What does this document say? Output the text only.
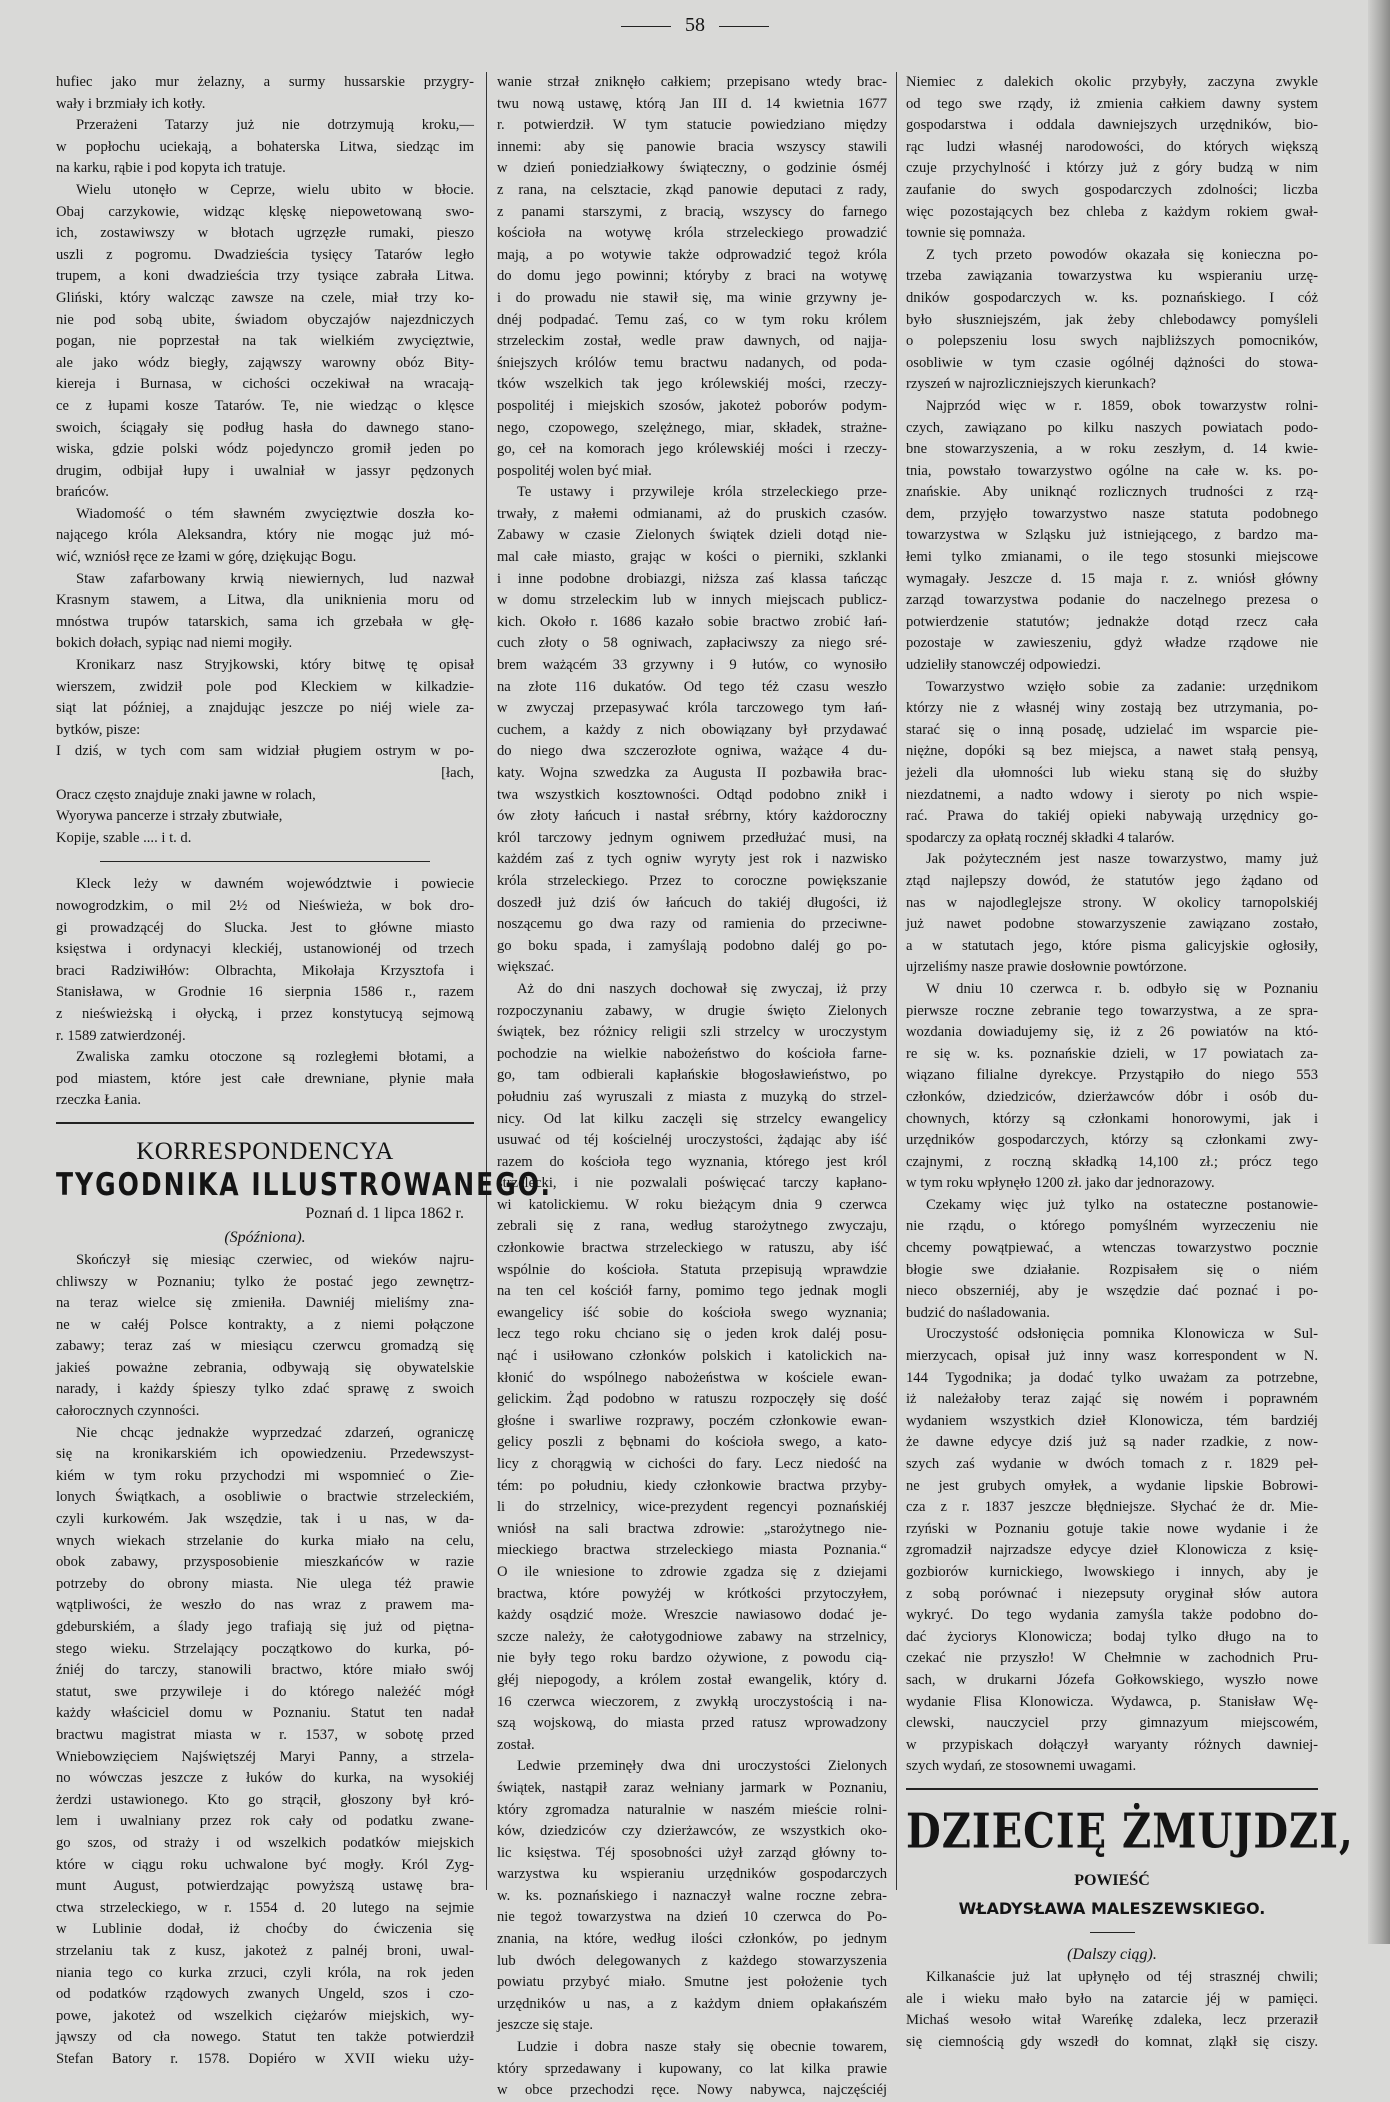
58
hufiec jako mur żelazny, a surmy hussarskie przygry-
wały i brzmiały ich kotły.
Przerażeni Tatarzy już nie dotrzymują kroku,—
w popłochu uciekają, a bohaterska Litwa, siedząc im
na karku, rąbie i pod kopyta ich tratuje.
Wielu utonęło w Ceprze, wielu ubito w błocie.
Obaj carzykowie, widząc klęskę niepowetowaną swo-
ich, zostawiwszy w błotach ugrzęzłe rumaki, pieszo
uszli z pogromu. Dwadzieścia tysięcy Tatarów legło
trupem, a koni dwadzieścia trzy tysiące zabrała Litwa.
Gliński, który walcząc zawsze na czele, miał trzy ko-
nie pod sobą ubite, świadom obyczajów najezdniczych
pogan, nie poprzestał na tak wielkiém zwycięztwie,
ale jako wódz biegły, zająwszy warowny obóz Bity-
kiereja i Burnasa, w cichości oczekiwał na wracają-
ce z łupami kosze Tatarów. Te, nie wiedząc o klęsce
swoich, ściągały się podług hasła do dawnego stano-
wiska, gdzie polski wódz pojedynczo gromił jeden po
drugim, odbijał łupy i uwalniał w jassyr pędzonych
brańców.
Wiadomość o tém sławném zwycięztwie doszła ko-
nającego króla Aleksandra, który nie mogąc już mó-
wić, wzniósł ręce ze łzami w górę, dziękując Bogu.
Staw zafarbowany krwią niewiernych, lud nazwał
Krasnym stawem, a Litwa, dla uniknienia moru od
mnóstwa trupów tatarskich, sama ich grzebała w głę-
bokich dołach, sypiąc nad niemi mogiły.
Kronikarz nasz Stryjkowski, który bitwę tę opisał
wierszem, zwidził pole pod Kleckiem w kilkadzie-
siąt lat później, a znajdując jeszcze po niéj wiele za-
bytków, pisze:
I dziś, w tych com sam widział pługiem ostrym w po-
[łach,
Oracz często znajduje znaki jawne w rolach,
Wyorywa pancerze i strzały zbutwiałe,
Kopije, szable .... i t. d.
Kleck leży w dawném województwie i powiecie
nowogrodzkim, o mil 2½ od Nieświeża, w bok dro-
gi prowadzącéj do Slucka. Jest to główne miasto
księstwa i ordynacyi kleckiéj, ustanowionéj od trzech
braci Radziwiłłów: Olbrachta, Mikołaja Krzysztofa i
Stanisława, w Grodnie 16 sierpnia 1586 r., razem
z nieświeżską i ołycką, i przez konstytucyą sejmową
r. 1589 zatwierdzonéj.
Zwaliska zamku otoczone są rozległemi błotami, a
pod miastem, które jest całe drewniane, płynie mała
rzeczka Łania.
KORRESPONDENCYA
TYGODNIKA ILLUSTROWANEGO.
Poznań d. 1 lipca 1862 r.
(Spóźniona).
Skończył się miesiąc czerwiec, od wieków najru-
chliwszy w Poznaniu; tylko że postać jego zewnętrz-
na teraz wielce się zmieniła. Dawniéj mieliśmy zna-
ne w całéj Polsce kontrakty, a z niemi połączone
zabawy; teraz zaś w miesiącu czerwcu gromadzą się
jakieś poważne zebrania, odbywają się obywatelskie
narady, i każdy śpieszy tylko zdać sprawę z swoich
całorocznych czynności.
Nie chcąc jednakże wyprzedzać zdarzeń, ograniczę
się na kronikarskiém ich opowiedzeniu. Przedewszyst-
kiém w tym roku przychodzi mi wspomnieć o Zie-
lonych Świątkach, a osobliwie o bractwie strzeleckiém,
czyli kurkowém. Jak wszędzie, tak i u nas, w da-
wnych wiekach strzelanie do kurka miało na celu,
obok zabawy, przysposobienie mieszkańców w razie
potrzeby do obrony miasta. Nie ulega téż prawie
wątpliwości, że weszło do nas wraz z prawem ma-
gdeburskiém, a ślady jego trafiają się już od piętna-
stego wieku. Strzelający początkowo do kurka, pó-
źniéj do tarczy, stanowili bractwo, które miało swój
statut, swe przywileje i do którego należéć mógł
każdy właściciel domu w Poznaniu. Statut ten nadał
bractwu magistrat miasta w r. 1537, w sobotę przed
Wniebowzięciem Najświętszéj Maryi Panny, a strzela-
no wówczas jeszcze z łuków do kurka, na wysokiéj
żerdzi ustawionego. Kto go strącił, głoszony był kró-
lem i uwalniany przez rok cały od podatku zwane-
go szos, od straży i od wszelkich podatków miejskich
które w ciągu roku uchwalone być mogły. Król Zyg-
munt August, potwierdzając powyższą ustawę bra-
ctwa strzeleckiego, w r. 1554 d. 20 lutego na sejmie
w Lublinie dodał, iż choćby do ćwiczenia się
strzelaniu tak z kusz, jakoteż z palnéj broni, uwal-
niania tego co kurka zrzuci, czyli króla, na rok jeden
od podatków rządowych zwanych Ungeld, szos i czo-
powe, jakoteż od wszelkich ciężarów miejskich, wy-
jąwszy od cła nowego. Statut ten także potwierdził
Stefan Batory r. 1578. Dopiéro w XVII wieku uży-
wanie strzał zniknęło całkiem; przepisano wtedy brac-
twu nową ustawę, którą Jan III d. 14 kwietnia 1677
r. potwierdził. W tym statucie powiedziano między
innemi: aby się panowie bracia wszyscy stawili
w dzień poniedziałkowy świąteczny, o godzinie ósméj
z rana, na celsztacie, zkąd panowie deputaci z rady,
z panami starszymi, z bracią, wszyscy do farnego
kościoła na wotywę króla strzeleckiego prowadzić
mają, a po wotywie także odprowadzić tegoż króla
do domu jego powinni; któryby z braci na wotywę
i do prowadu nie stawił się, ma winie grzywny je-
dnéj podpadać. Temu zaś, co w tym roku królem
strzeleckim został, wedle praw dawnych, od najja-
śniejszych królów temu bractwu nadanych, od poda-
tków wszelkich tak jego królewskiéj mości, rzeczy-
pospolitéj i miejskich szosów, jakoteż poborów podym-
nego, czopowego, szelężnego, miar, składek, strażne-
go, ceł na komorach jego królewskiéj mości i rzeczy-
pospolitéj wolen być miał.
Te ustawy i przywileje króla strzeleckiego prze-
trwały, z małemi odmianami, aż do pruskich czasów.
Zabawy w czasie Zielonych świątek dzieli dotąd nie-
mal całe miasto, grając w kości o pierniki, szklanki
i inne podobne drobiazgi, niższa zaś klassa tańcząc
w domu strzeleckim lub w innych miejscach publicz-
kich. Około r. 1686 kazało sobie bractwo zrobić łań-
cuch złoty o 58 ogniwach, zapłaciwszy za niego sré-
brem ważącém 33 grzywny i 9 łutów, co wynosiło
na złote 116 dukatów. Od tego téż czasu weszło
w zwyczaj przepasywać króla tarczowego tym łań-
cuchem, a każdy z nich obowiązany był przydawać
do niego dwa szczerozłote ogniwa, ważące 4 du-
katy. Wojna szwedzka za Augusta II pozbawiła brac-
twa wszystkich kosztowności. Odtąd podobno znikł i
ów złoty łańcuch i nastał srébrny, który każdoroczny
król tarczowy jednym ogniwem przedłużać musi, na
każdém zaś z tych ogniw wyryty jest rok i nazwisko
króla strzeleckiego. Przez to coroczne powiększanie
doszedł już dziś ów łańcuch do takiéj długości, iż
noszącemu go dwa razy od ramienia do przeciwne-
go boku spada, i zamyślają podobno daléj go po-
większać.
Aż do dni naszych dochował się zwyczaj, iż przy
rozpoczynaniu zabawy, w drugie święto Zielonych
świątek, bez różnicy religii szli strzelcy w uroczystym
pochodzie na wielkie nabożeństwo do kościoła farne-
go, tam odbierali kapłańskie błogosławieństwo, po
południu zaś wyruszali z miasta z muzyką do strzel-
nicy. Od lat kilku zaczęli się strzelcy ewangelicy
usuwać od téj kościelnéj uroczystości, żądając aby iść
razem do kościoła tego wyznania, którego jest król
strzelecki, i nie pozwalali poświęcać tarczy kapłano-
wi katolickiemu. W roku bieżącym dnia 9 czerwca
zebrali się z rana, według starożytnego zwyczaju,
członkowie bractwa strzeleckiego w ratuszu, aby iść
wspólnie do kościoła. Statuta przepisują wprawdzie
na ten cel kościół farny, pomimo tego jednak mogli
ewangelicy iść sobie do kościoła swego wyznania;
lecz tego roku chciano się o jeden krok daléj posu-
nąć i usiłowano członków polskich i katolickich na-
kłonić do wspólnego nabożeństwa w kościele ewan-
gelickim. Żąd podobno w ratuszu rozpoczęły się dość
głośne i swarliwe rozprawy, poczém członkowie ewan-
gelicy poszli z bębnami do kościoła swego, a kato-
licy z chorągwią w cichości do fary. Lecz niedość na
tém: po południu, kiedy członkowie bractwa przyby-
li do strzelnicy, wice-prezydent regencyi poznańskiéj
wniósł na sali bractwa zdrowie: „starożytnego nie-
mieckiego bractwa strzeleckiego miasta Poznania.“
O ile wniesione to zdrowie zgadza się z dziejami
bractwa, które powyżéj w krótkości przytoczyłem,
każdy osądzić może. Wreszcie nawiasowo dodać je-
szcze należy, że całotygodniowe zabawy na strzelnicy,
nie były tego roku bardzo ożywione, z powodu cią-
głéj niepogody, a królem został ewangelik, który d.
16 czerwca wieczorem, z zwykłą uroczystością i na-
szą wojskową, do miasta przed ratusz wprowadzony
został.
Ledwie przeminęły dwa dni uroczystości Zielonych
świątek, nastąpił zaraz wełniany jarmark w Poznaniu,
który zgromadza naturalnie w naszém mieście rolni-
ków, dziedziców czy dzierżawców, ze wszystkich oko-
lic księstwa. Téj sposobności użył zarząd główny to-
warzystwa ku wspieraniu urzędników gospodarczych
w. ks. poznańskiego i naznaczył walne roczne zebra-
nie tegoż towarzystwa na dzień 10 czerwca do Po-
znania, na które, według ilości członków, po jednym
lub dwóch delegowanych z każdego stowarzyszenia
powiatu przybyć miało. Smutne jest położenie tych
urzędników u nas, a z każdym dniem opłakańszém
jeszcze się staje.
Ludzie i dobra nasze stały się obecnie towarem,
który sprzedawany i kupowany, co lat kilka prawie
w obce przechodzi ręce. Nowy nabywca, najczęściéj
Niemiec z dalekich okolic przybyły, zaczyna zwykle
od tego swe rządy, iż zmienia całkiem dawny system
gospodarstwa i oddala dawniejszych urzędników, bio-
rąc ludzi własnéj narodowości, do których większą
czuje przychylność i którzy już z góry budzą w nim
zaufanie do swych gospodarczych zdolności; liczba
więc pozostających bez chleba z każdym rokiem gwał-
townie się pomnaża.
Z tych przeto powodów okazała się konieczna po-
trzeba zawiązania towarzystwa ku wspieraniu urzę-
dników gospodarczych w. ks. poznańskiego. I cóż
było słuszniejszém, jak żeby chlebodawcy pomyśleli
o polepszeniu losu swych najbliższych pomocników,
osobliwie w tym czasie ogólnéj dążności do stowa-
rzyszeń w najrozliczniejszych kierunkach?
Najprzód więc w r. 1859, obok towarzystw rolni-
czych, zawiązano po kilku naszych powiatach podo-
bne stowarzyszenia, a w roku zeszłym, d. 14 kwie-
tnia, powstało towarzystwo ogólne na całe w. ks. po-
znańskie. Aby uniknąć rozlicznych trudności z rzą-
dem, przyjęło towarzystwo nasze statuta podobnego
towarzystwa w Szląsku już istniejącego, z bardzo ma-
łemi tylko zmianami, o ile tego stosunki miejscowe
wymagały. Jeszcze d. 15 maja r. z. wniósł główny
zarząd towarzystwa podanie do naczelnego prezesa o
potwierdzenie statutów; jednakże dotąd rzecz cała
pozostaje w zawieszeniu, gdyż władze rządowe nie
udzieliły stanowczéj odpowiedzi.
Towarzystwo wzięło sobie za zadanie: urzędnikom
którzy nie z własnéj winy zostają bez utrzymania, po-
starać się o inną posadę, udzielać im wsparcie pie-
niężne, dopóki są bez miejsca, a nawet stałą pensyą,
jeżeli dla ułomności lub wieku staną się do służby
niezdatnemi, a nadto wdowy i sieroty po nich wspie-
rać. Prawa do takiéj opieki nabywają urzędnicy go-
spodarczy za opłatą rocznéj składki 4 talarów.
Jak pożyteczném jest nasze towarzystwo, mamy już
ztąd najlepszy dowód, że statutów jego żądano od
nas w najodleglejsze strony. W okolicy tarnopolskiéj
już nawet podobne stowarzyszenie zawiązano zostało,
a w statutach jego, które pisma galicyjskie ogłosiły,
ujrzeliśmy nasze prawie dosłownie powtórzone.
W dniu 10 czerwca r. b. odbyło się w Poznaniu
pierwsze roczne zebranie tego towarzystwa, a ze spra-
wozdania dowiadujemy się, iż z 26 powiatów na któ-
re się w. ks. poznańskie dzieli, w 17 powiatach za-
wiązano filialne dyrekcye. Przystąpiło do niego 553
członków, dziedziców, dzierżawców dóbr i osób du-
chownych, którzy są członkami honorowymi, jak i
urzędników gospodarczych, którzy są członkami zwy-
czajnymi, z roczną składką 14,100 zł.; prócz tego
w tym roku wpłynęło 1200 zł. jako dar jednorazowy.
Czekamy więc już tylko na ostateczne postanowie-
nie rządu, o którego pomyślném wyrzeczeniu nie
chcemy powątpiewać, a wtenczas towarzystwo pocznie
błogie swe działanie. Rozpisałem się o niém
nieco obszerniéj, aby je wszędzie dać poznać i po-
budzić do naśladowania.
Uroczystość odsłonięcia pomnika Klonowicza w Sul-
mierzycach, opisał już inny wasz korrespondent w N.
144 Tygodnika; ja dodać tylko uważam za potrzebne,
iż należałoby teraz zająć się nowém i poprawném
wydaniem wszystkich dzieł Klonowicza, tém bardziéj
że dawne edycye dziś już są nader rzadkie, z now-
szych zaś wydanie w dwóch tomach z r. 1829 peł-
ne jest grubych omyłek, a wydanie lipskie Bobrowi-
cza z r. 1837 jeszcze błędniejsze. Słychać że dr. Mie-
rzyński w Poznaniu gotuje takie nowe wydanie i że
zgromadził najrzadsze edycye dzieł Klonowicza z księ-
gozbiorów kurnickiego, lwowskiego i innych, aby je
z sobą porównać i niezepsuty oryginał słów autora
wykryć. Do tego wydania zamyśla także podobno do-
dać życiorys Klonowicza; bodaj tylko długo na to
czekać nie przyszło! W Chełmnie w zachodnich Pru-
sach, w drukarni Józefa Gołkowskiego, wyszło nowe
wydanie Flisa Klonowicza. Wydawca, p. Stanisław Wę-
clewski, nauczyciel przy gimnazyum miejscowém,
w przypiskach dołączył waryanty różnych dawniej-
szych wydań, ze stosownemi uwagami.
DZIECIĘ ŻMUJDZI,
POWIEŚĆ
WŁADYSŁAWA MALESZEWSKIEGO.
(Dalszy ciąg).
Kilkanaście już lat upłynęło od téj strasznéj chwili;
ale i wieku mało było na zatarcie jéj w pamięci.
Michaś wesoło witał Wareńkę zdaleka, lecz przeraził
się ciemnością gdy wszedł do komnat, zląkł się ciszy.
